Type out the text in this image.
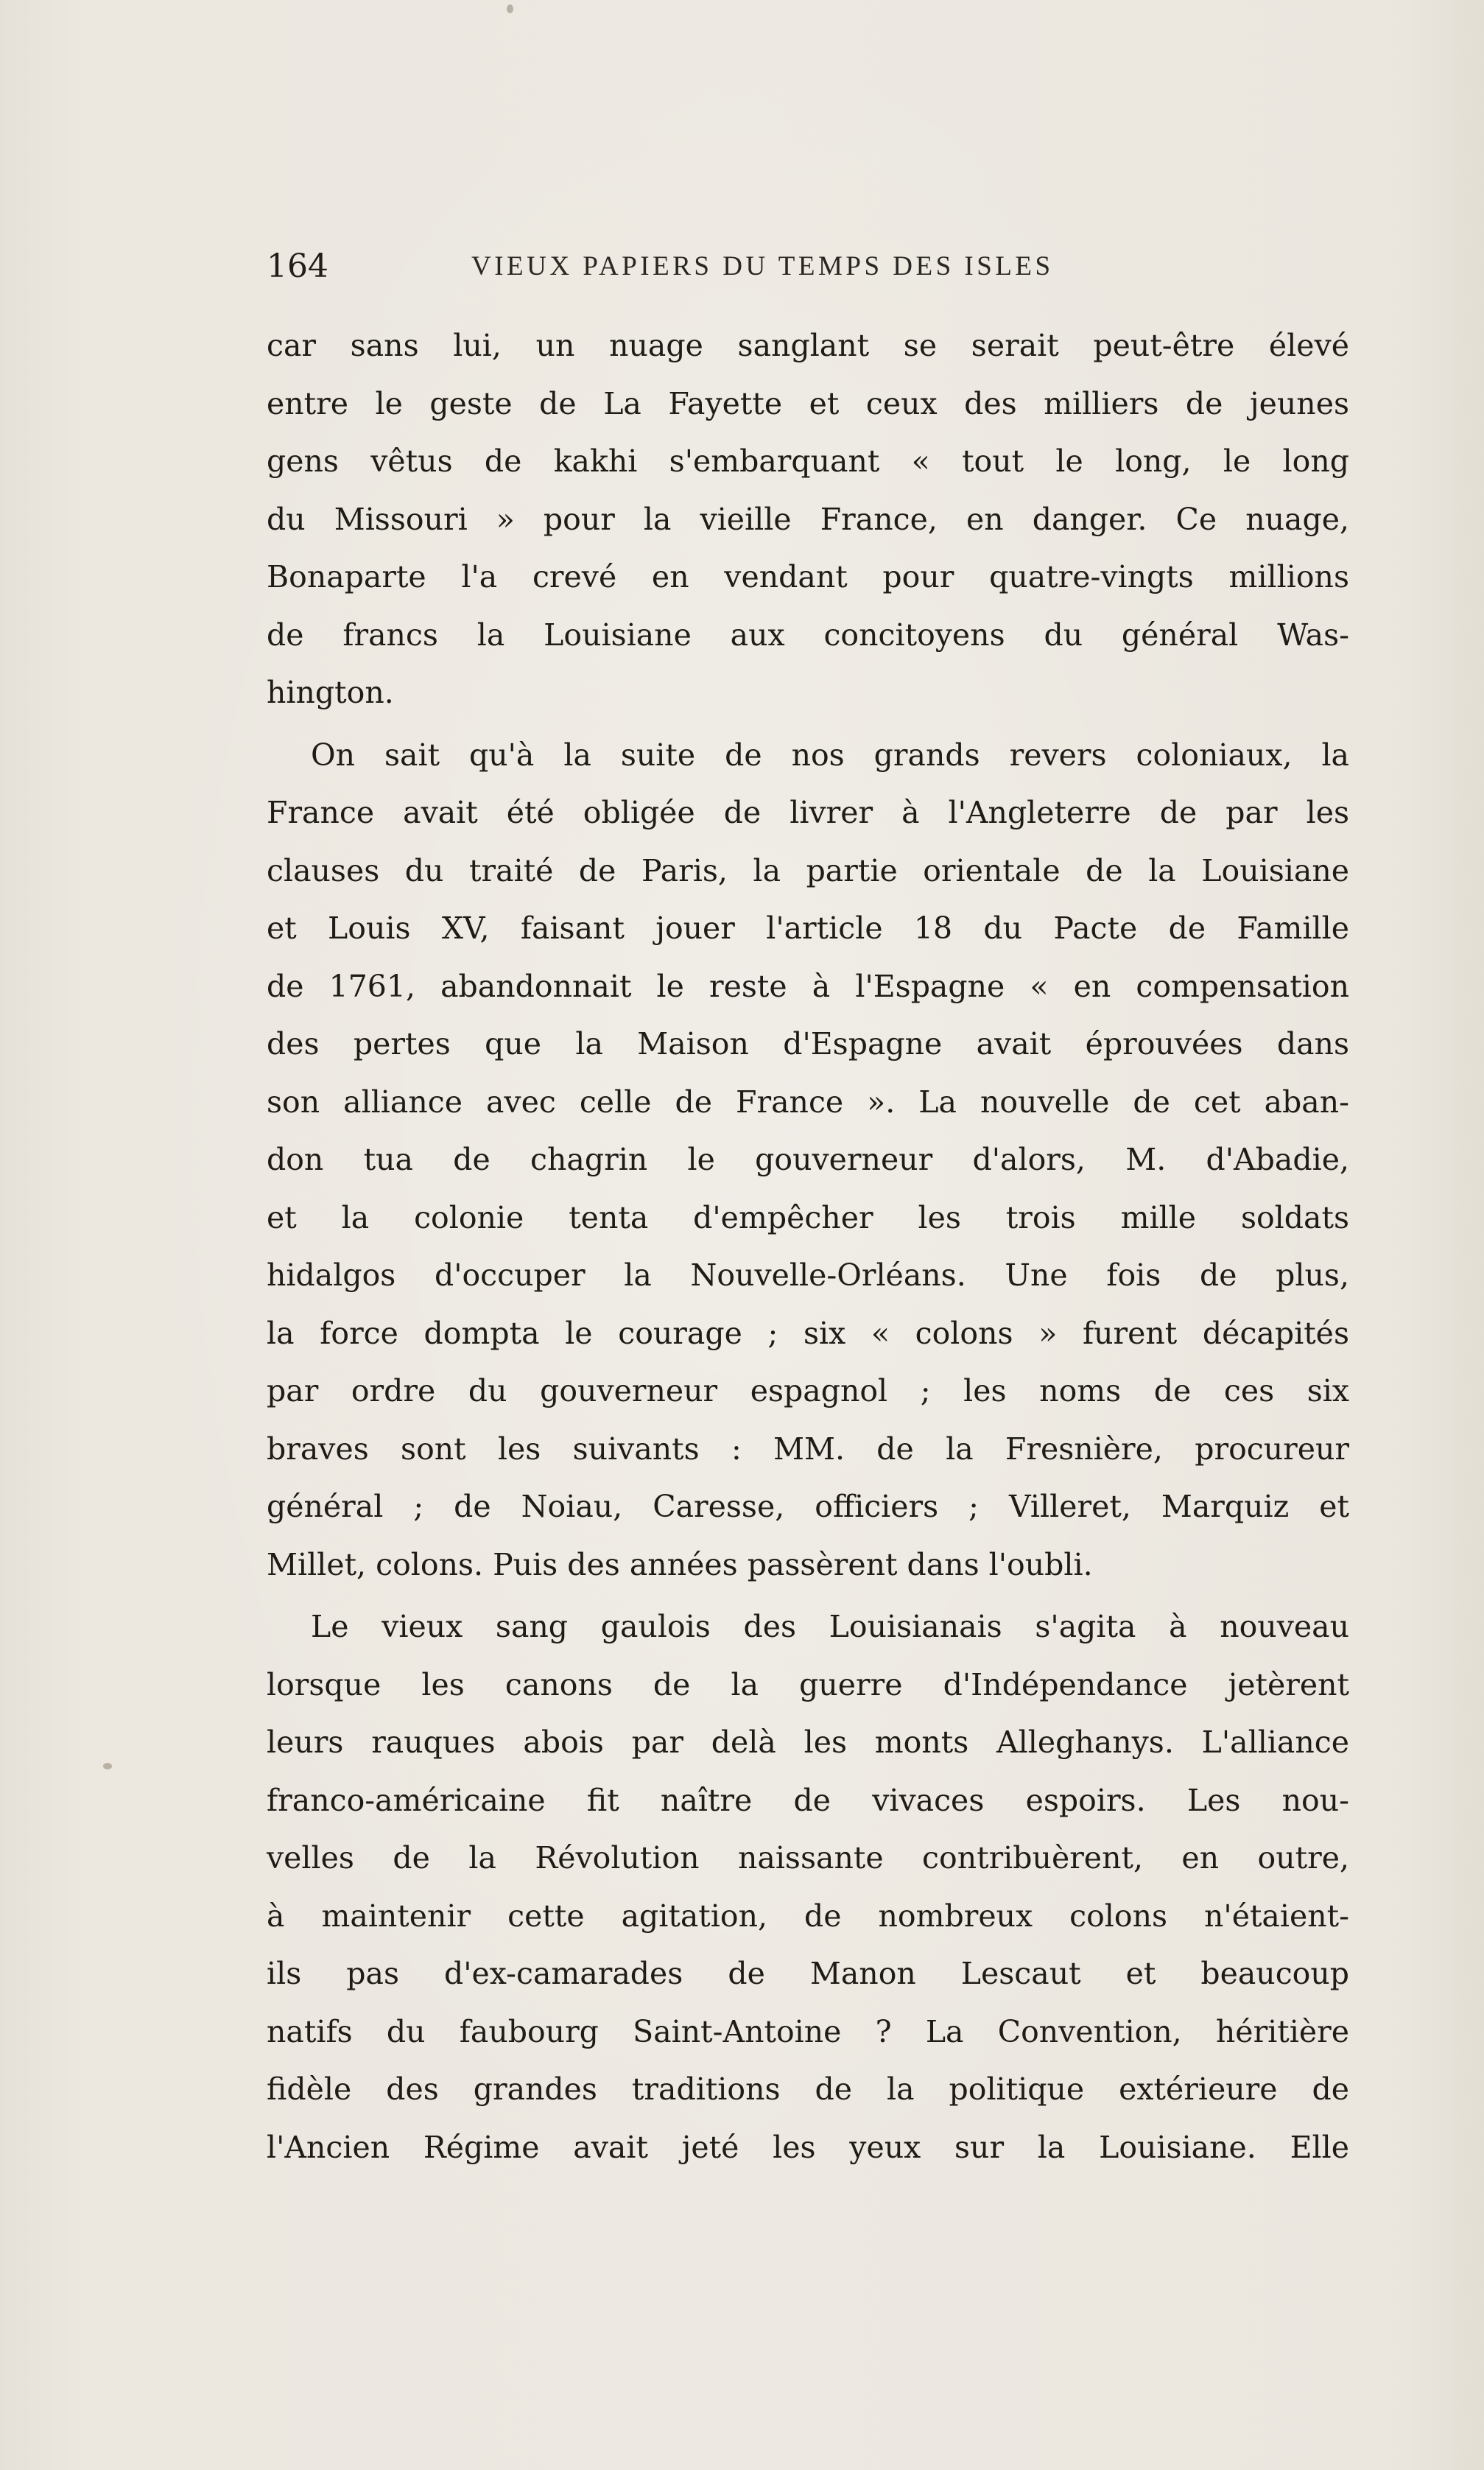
164	VIEUX PAPIERS DU TEMPS DES ISLES
car sans lui, un nuage sanglant se serait peut-être élevé
entre le geste de La Fayette et ceux des milliers de jeunes
gens vêtus de kakhi s'embarquant « tout le long, le long
du Missouri » pour la vieille France, en danger. Ce nuage,
Bonaparte l'a crevé en vendant pour quatre-vingts millions
de francs la Louisiane aux concitoyens du général Was-
hington.
On sait qu'à la suite de nos grands revers coloniaux, la
France avait été obligée de livrer à l'Angleterre de par les
clauses du traité de Paris, la partie orientale de la Louisiane
et Louis XV, faisant jouer l'article 18 du Pacte de Famille
de 1761, abandonnait le reste à l'Espagne « en compensation
des pertes que la Maison d'Espagne avait éprouvées dans
son alliance avec celle de France ». La nouvelle de cet aban-
don tua de chagrin le gouverneur d'alors, M. d'Abadie,
et la colonie tenta d'empêcher les trois mille soldats
hidalgos d'occuper la Nouvelle-Orléans. Une fois de plus,
la force dompta le courage ; six « colons » furent décapités
par ordre du gouverneur espagnol ; les noms de ces six
braves sont les suivants : MM. de la Fresnière, procureur
général ; de Noiau, Caresse, officiers ; Villeret, Marquiz et
Millet, colons. Puis des années passèrent dans l'oubli.
Le vieux sang gaulois des Louisianais s'agita à nouveau
lorsque les canons de la guerre d'Indépendance jetèrent
leurs rauques abois par delà les monts Alleghanys. L'alliance
franco-américaine fit naître de vivaces espoirs. Les nou-
velles de la Révolution naissante contribuèrent, en outre,
à maintenir cette agitation, de nombreux colons n'étaient-
ils pas d'ex-camarades de Manon Lescaut et beaucoup
natifs du faubourg Saint-Antoine ? La Convention, héritière
fidèle des grandes traditions de la politique extérieure de
l'Ancien Régime avait jeté les yeux sur la Louisiane. Elle
